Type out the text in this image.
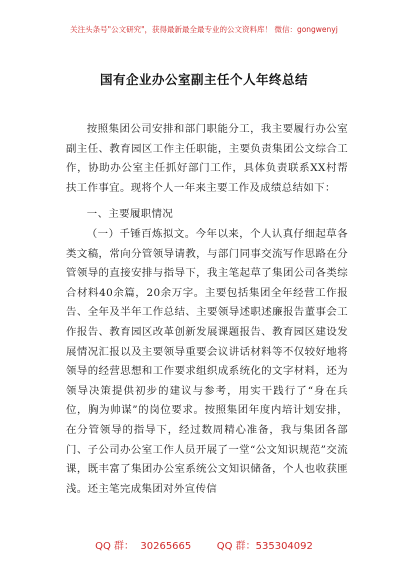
关注头条号"公文研究"，获得最新最全最专业的公文资料库！ 微信：gongwenyj
国有企业办公室副主任个人年终总结

按照集团公司安排和部门职能分工，我主要履行办公室副主任、教育园区工作主任职能，主要负责集团公文综合工作，协助办公室主任抓好部门工作，具体负责联系XX村帮扶工作事宜。现将个人一年来主要工作及成绩总结如下：

一、主要履职情况

（一）千锤百炼拟文。今年以来，个人认真仔细起草各类文稿，常向分管领导请教，与部门同事交流写作思路在分管领导的直接安排与指导下，我主笔起草了集团公司各类综合材料40余篇，20余万字。主要包括集团全年经营工作报告、全年及半年工作总结、主要领导述职述廉报告董事会工作报告、教育园区改革创新发展课题报告、教育园区建设发展情况汇报以及主要领导重要会议讲话材料等不仅较好地将领导的经营思想和工作要求组织成系统化的文字材料，还为领导决策提供初步的建议与参考，用实干践行了“身在兵位，胸为帅谋”的岗位要求。按照集团年度内培计划安排，在分管领导的指导下，经过数周精心准备，我与集团各部门、子公司办公室工作人员开展了一堂“公文知识规范”交流课，既丰富了集团办公室系统公文知识储备，个人也收获匪浅。还主笔完成集团对外宣传信

QQ 群：  30265665        QQ 群：535304092
